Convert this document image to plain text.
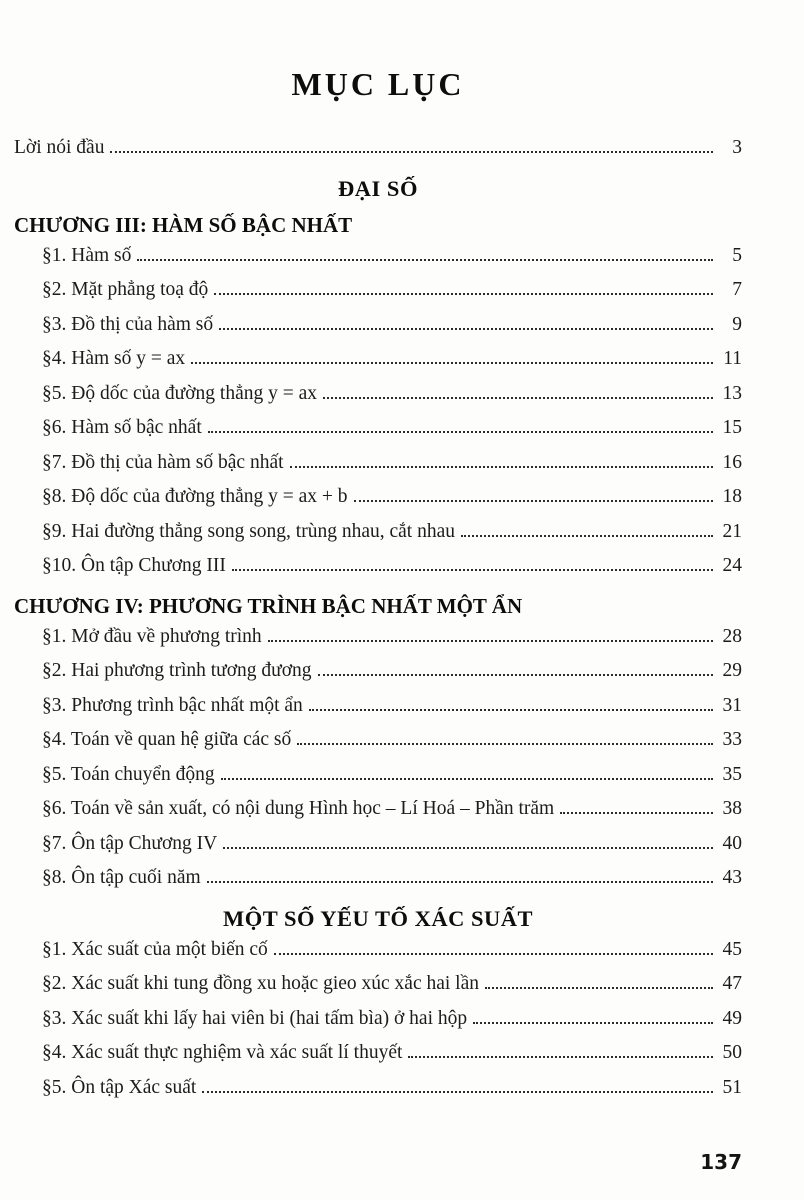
MỤC LỤC
Lời nói đầu	3
ĐẠI SỐ
CHƯƠNG III: HÀM SỐ BẬC NHẤT
§1. Hàm số	5
§2. Mặt phẳng toạ độ	7
§3. Đồ thị của hàm số	9
§4. Hàm số y = ax	11
§5. Độ dốc của đường thẳng y = ax	13
§6. Hàm số bậc nhất	15
§7. Đồ thị của hàm số bậc nhất	16
§8. Độ dốc của đường thẳng y = ax + b	18
§9. Hai đường thẳng song song, trùng nhau, cắt nhau	21
§10. Ôn tập Chương III	24
CHƯƠNG IV: PHƯƠNG TRÌNH BẬC NHẤT MỘT ẨN
§1. Mở đầu về phương trình	28
§2. Hai phương trình tương đương	29
§3. Phương trình bậc nhất một ẩn	31
§4. Toán về quan hệ giữa các số	33
§5. Toán chuyển động	35
§6. Toán về sản xuất, có nội dung Hình học – Lí Hoá – Phần trăm	38
§7. Ôn tập Chương IV	40
§8. Ôn tập cuối năm	43
MỘT SỐ YẾU TỐ XÁC SUẤT
§1. Xác suất của một biến cố	45
§2. Xác suất khi tung đồng xu hoặc gieo xúc xắc hai lần	47
§3. Xác suất khi lấy hai viên bi (hai tấm bìa) ở hai hộp	49
§4. Xác suất thực nghiệm và xác suất lí thuyết	50
§5. Ôn tập Xác suất	51
137
